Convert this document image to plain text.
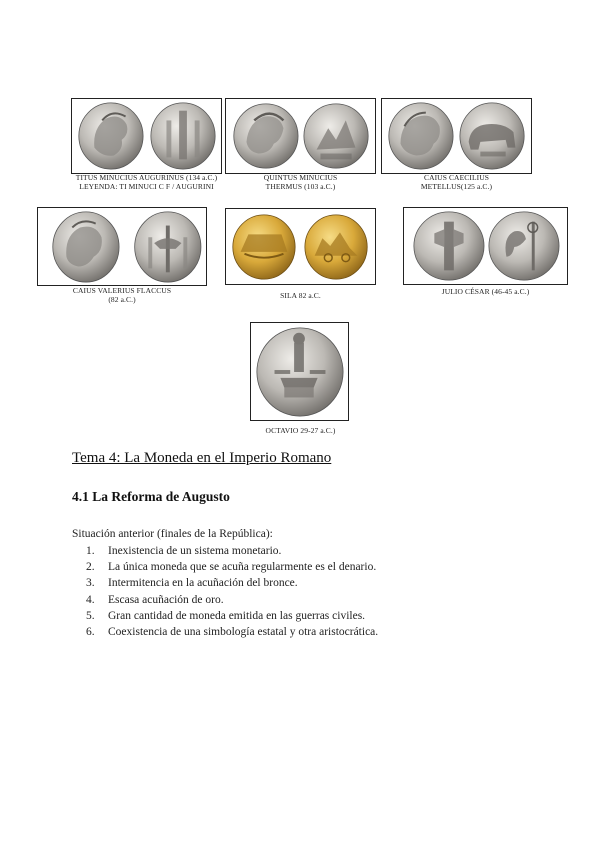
TITUS MINUCIUS AUGURINUS (134 a.C.)
LEYENDA: TI MINUCI C F / AUGURINI
QUINTUS MINUCIUS
THERMUS (103 a.C.)
CAIUS CAECILIUS
METELLUS(125 a.C.)
CAIUS VALERIUS FLACCUS
(82 a.C.)	SILA 82 a.C.	JULIO CÉSAR (46-45 a.C.)
OCTAVIO 29-27 a.C.)
Tema 4: La Moneda en el Imperio Romano
4.1 La Reforma de Augusto
Situación anterior (finales de la República):
1. Inexistencia de un sistema monetario.
2. La única moneda que se acuña regularmente es el denario.
3. Intermitencia en la acuñación del bronce.
4. Escasa acuñación de oro.
5. Gran cantidad de moneda emitida en las guerras civiles.
6. Coexistencia de una simbología estatal y otra aristocrática.
